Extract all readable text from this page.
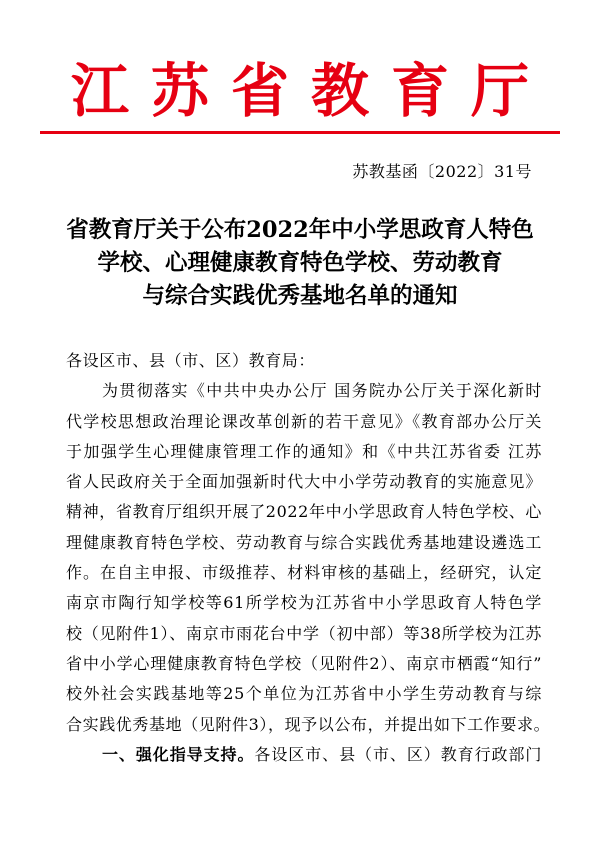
江苏省教育厅
苏教基函〔2022〕31号
省教育厅关于公布2022年中小学思政育人特色
学校、心理健康教育特色学校、劳动教育
与综合实践优秀基地名单的通知
各设区市、县（市、区）教育局：
为贯彻落实《中共中央办公厅 国务院办公厅关于深化新时
代学校思想政治理论课改革创新的若干意见》《教育部办公厅关
于加强学生心理健康管理工作的通知》和《中共江苏省委 江苏
省人民政府关于全面加强新时代大中小学劳动教育的实施意见》
精神，省教育厅组织开展了2022年中小学思政育人特色学校、心
理健康教育特色学校、劳动教育与综合实践优秀基地建设遴选工
作。在自主申报、市级推荐、材料审核的基础上，经研究，认定
南京市陶行知学校等61所学校为江苏省中小学思政育人特色学
校（见附件1）、南京市雨花台中学（初中部）等38所学校为江苏
省中小学心理健康教育特色学校（见附件2）、南京市栖霞“知行”
校外社会实践基地等25个单位为江苏省中小学生劳动教育与综
合实践优秀基地（见附件3），现予以公布，并提出如下工作要求。
一、强化指导支持。各设区市、县（市、区）教育行政部门
